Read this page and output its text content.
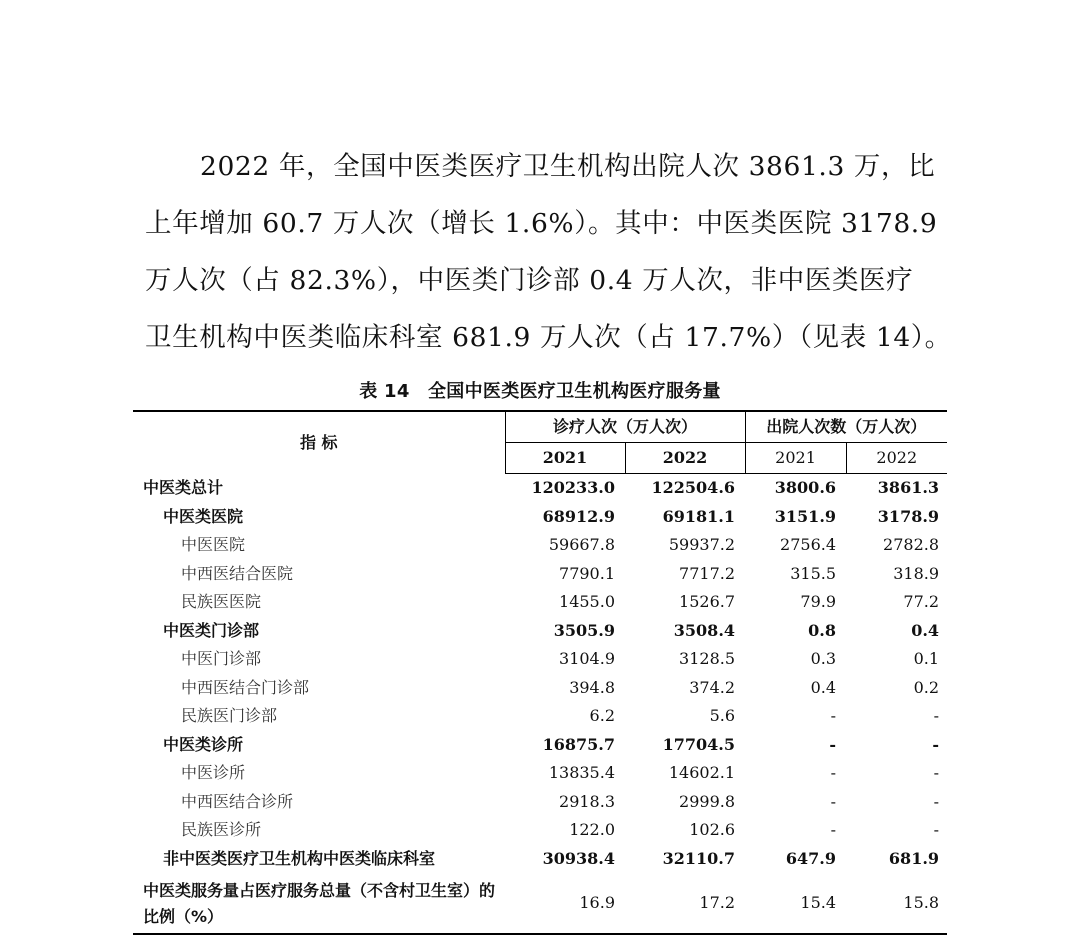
2022 年，全国中医类医疗卫生机构出院人次 3861.3 万，比
上年增加 60.7 万人次（增长 1.6%）。其中：中医类医院 3178.9
万人次（占 82.3%），中医类门诊部 0.4 万人次，非中医类医疗
卫生机构中医类临床科室 681.9 万人次（占 17.7%）（见表 14）。
表 14　全国中医类医疗卫生机构医疗服务量
指 标	诊疗人次（万人次）		出院人次数（万人次）	
	2021	2022	2021	2022
中医类总计	120233.0	122504.6	3800.6	3861.3
中医类医院	68912.9	69181.1	3151.9	3178.9
中医医院	59667.8	59937.2	2756.4	2782.8
中西医结合医院	7790.1	7717.2	315.5	318.9
民族医医院	1455.0	1526.7	79.9	77.2
中医类门诊部	3505.9	3508.4	0.8	0.4
中医门诊部	3104.9	3128.5	0.3	0.1
中西医结合门诊部	394.8	374.2	0.4	0.2
民族医门诊部	6.2	5.6	-	-
中医类诊所	16875.7	17704.5	-	-
中医诊所	13835.4	14602.1	-	-
中西医结合诊所	2918.3	2999.8	-	-
民族医诊所	122.0	102.6	-	-
非中医类医疗卫生机构中医类临床科室	30938.4	32110.7	647.9	681.9
中医类服务量占医疗服务总量（不含村卫生室）的比例（%）	16.9	17.2	15.4	15.8
